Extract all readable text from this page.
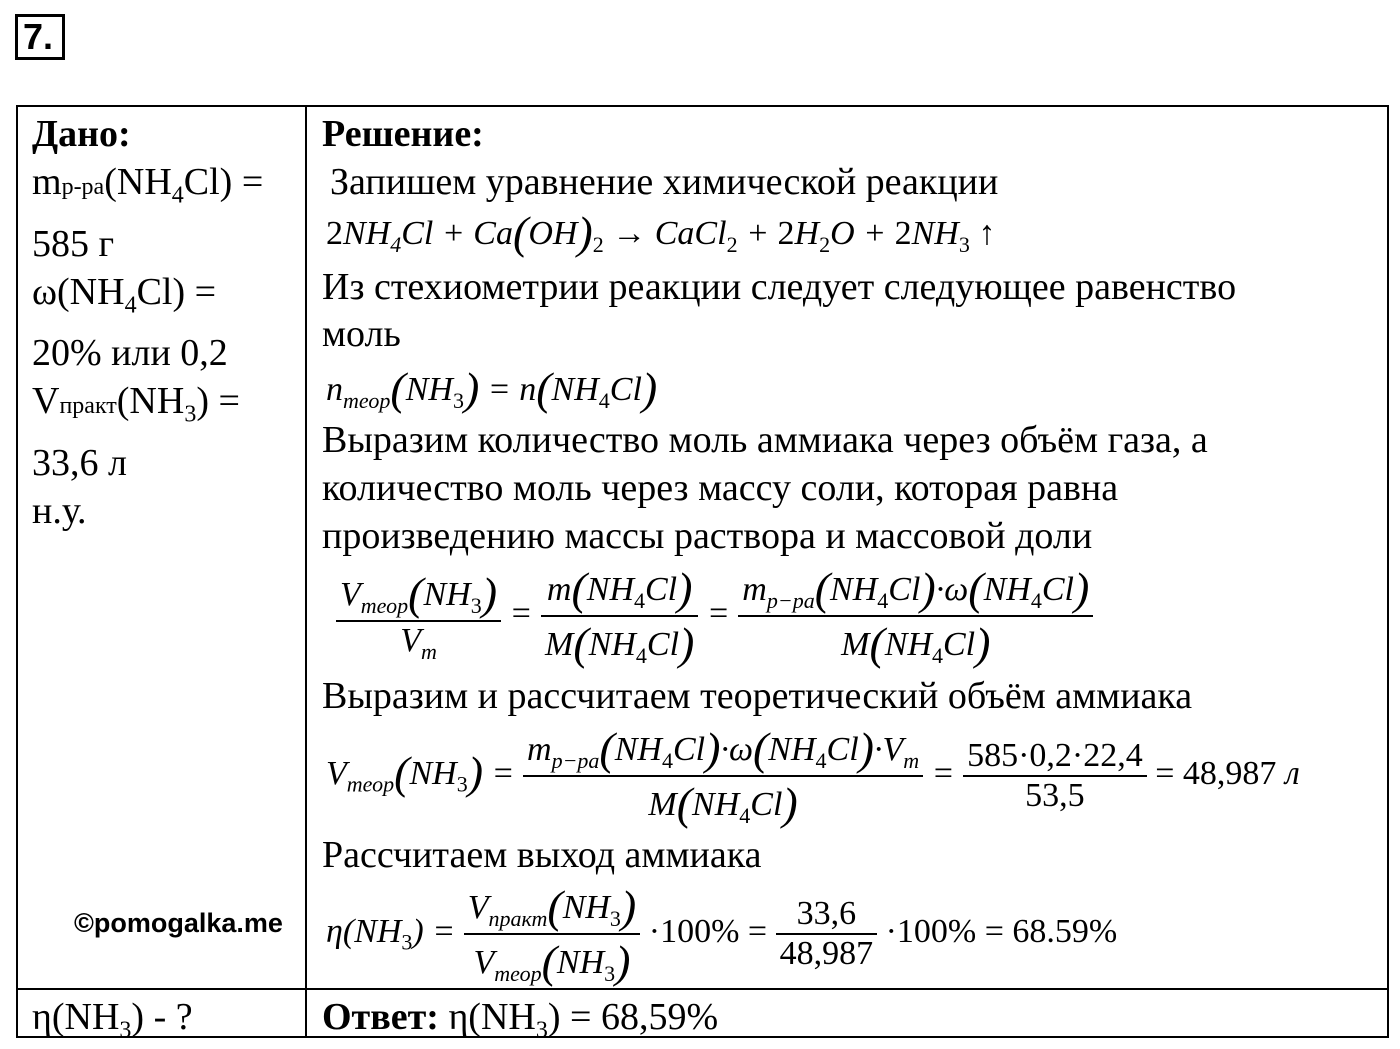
7.
Дано:
$mр-ра(NH_4Cl)$ =
585 г
$\omega(NH_4Cl)$ =
20% или 0,2
$Vпракт(NH_3)$ =
33,6 л
н.у.
Решение:
Запишем уравнение химической реакции
$2NH_4Cl + Ca(OH)_2$ → CaCl$_2$ + $2H_2O + 2NH_3$ ↑
Из стехиометрии реакции следует следующее равенство
моль
$n_{теор}(NH_3) = n(NH_4Cl)$
Выразим количество моль аммиака через объём газа, а
количество моль через массу соли, которая равна
произведению массы раствора и массовой доли
$\frac{V_{теор}(NH_3)}{V_m} = \frac{m(NH_4Cl)}{M(NH_4Cl)} = \frac{m_{р-ра}(NH_4Cl)\cdot\omega(NH_4Cl)}{M(NH_4Cl)}$
Выразим и рассчитаем теоретический объём аммиака
$V_{теор}(NH_3) = \frac{m_{р-ра}(NH_4Cl)\cdot\omega(NH_4Cl)\cdot V_m}{M(NH_4Cl)} = \frac{585\cdot 0,2\cdot 22,4}{53,5} = 48,987$ л
Рассчитаем выход аммиака
$\eta(NH_3) = \frac{V_{практ}(NH_3)}{V_{теор}(NH_3)} \cdot 100\% = \frac{33,6}{48,987} \cdot 100\% = 68.59\%$
©pomogalka.me
$\eta(NH_3)$ - ?	Ответ: $\eta(NH_3) = 68,59\%$
